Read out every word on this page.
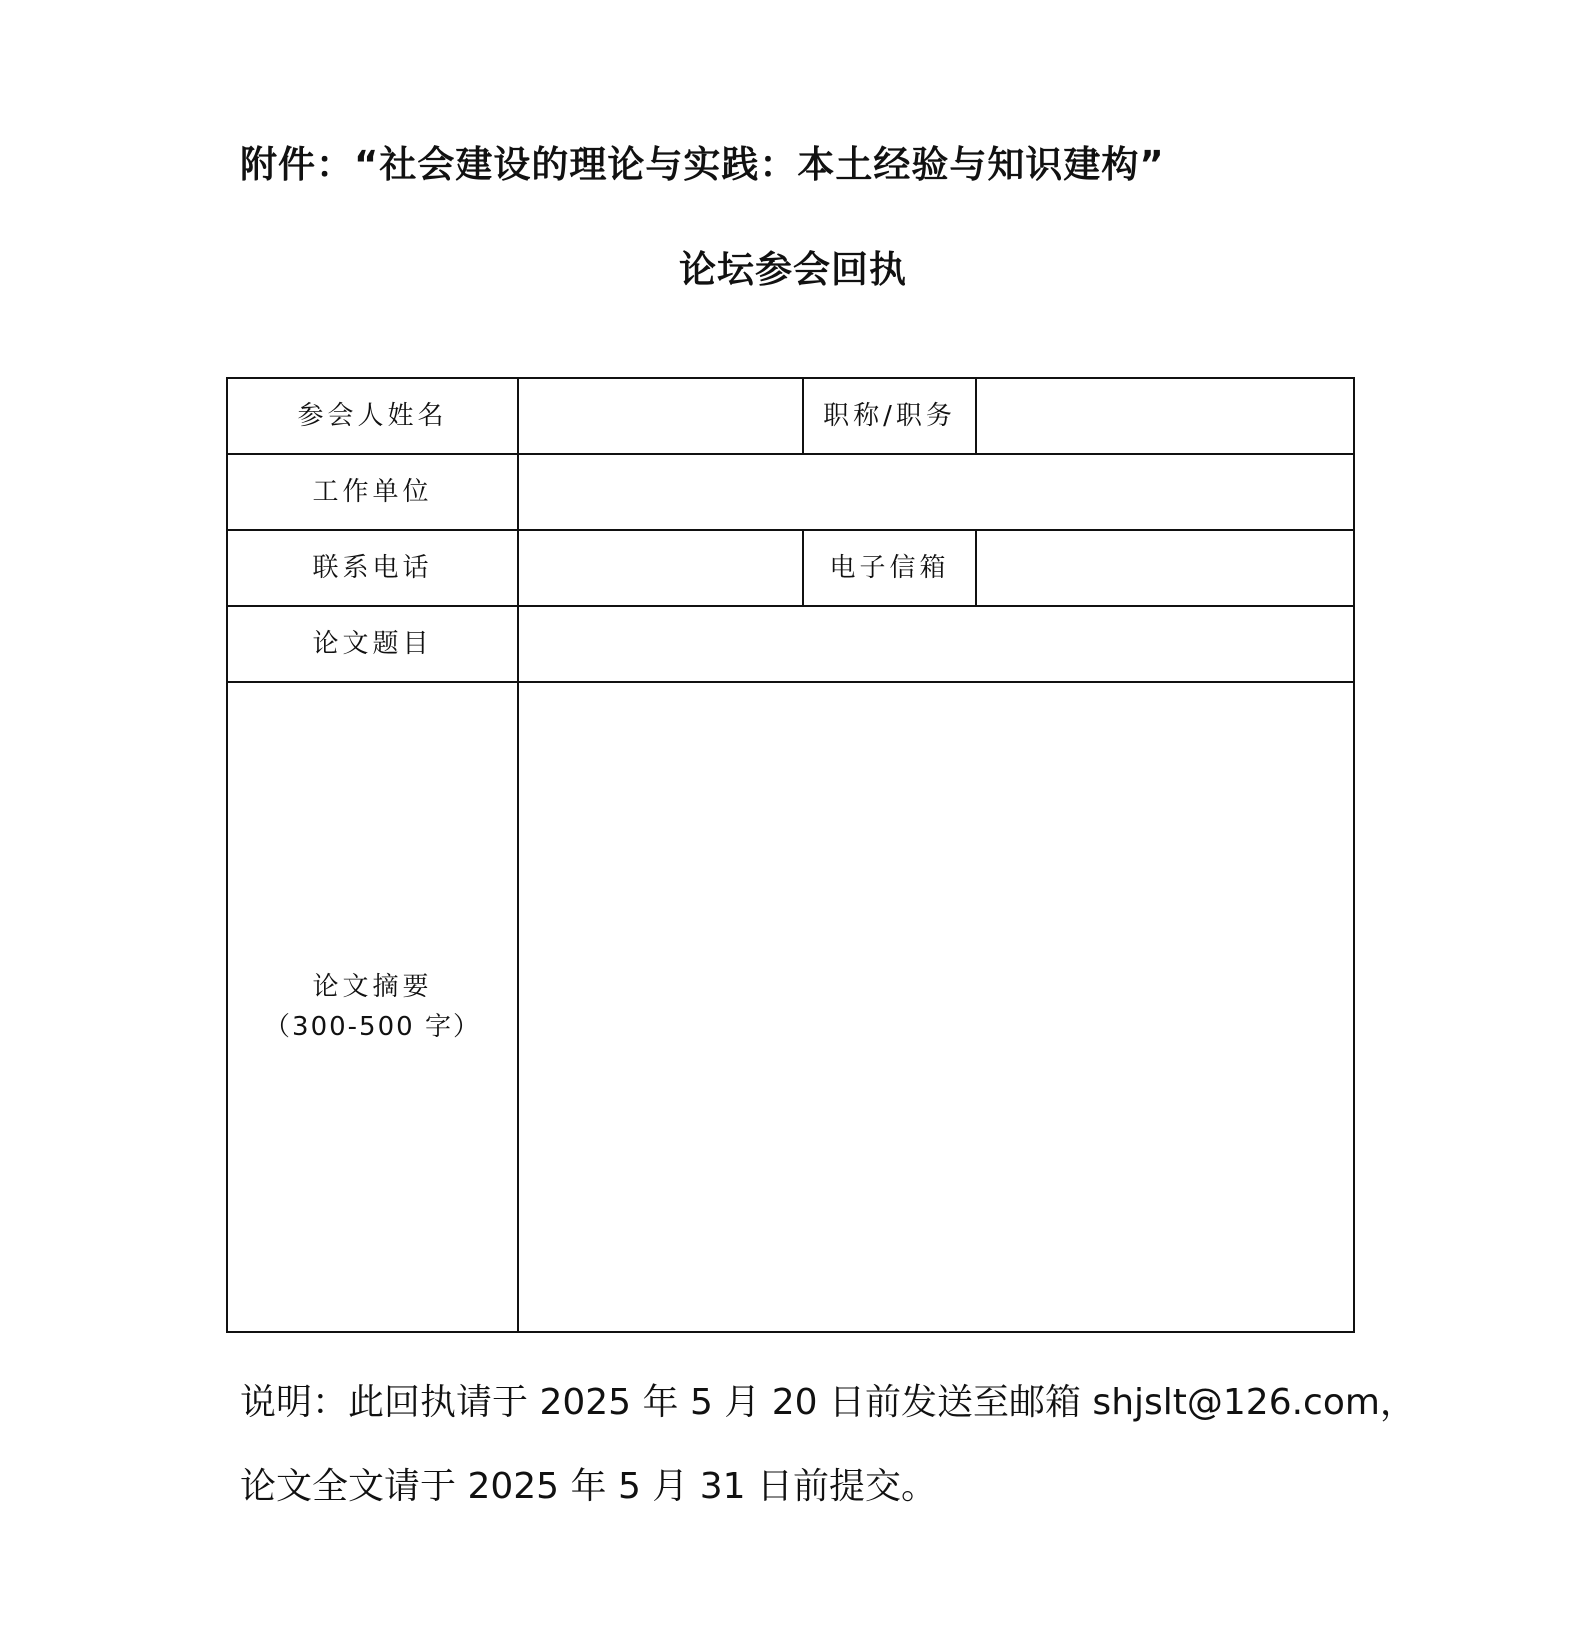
附件：“社会建设的理论与实践：本土经验与知识建构”
论坛参会回执
参会人姓名		职称/职务	

工作单位			

联系电话		电子信箱	

论文题目			

论文摘要
（300-500 字）			

说明：此回执请于 2025 年 5 月 20 日前发送至邮箱 shjslt@126.com，
论文全文请于 2025 年 5 月 31 日前提交。
